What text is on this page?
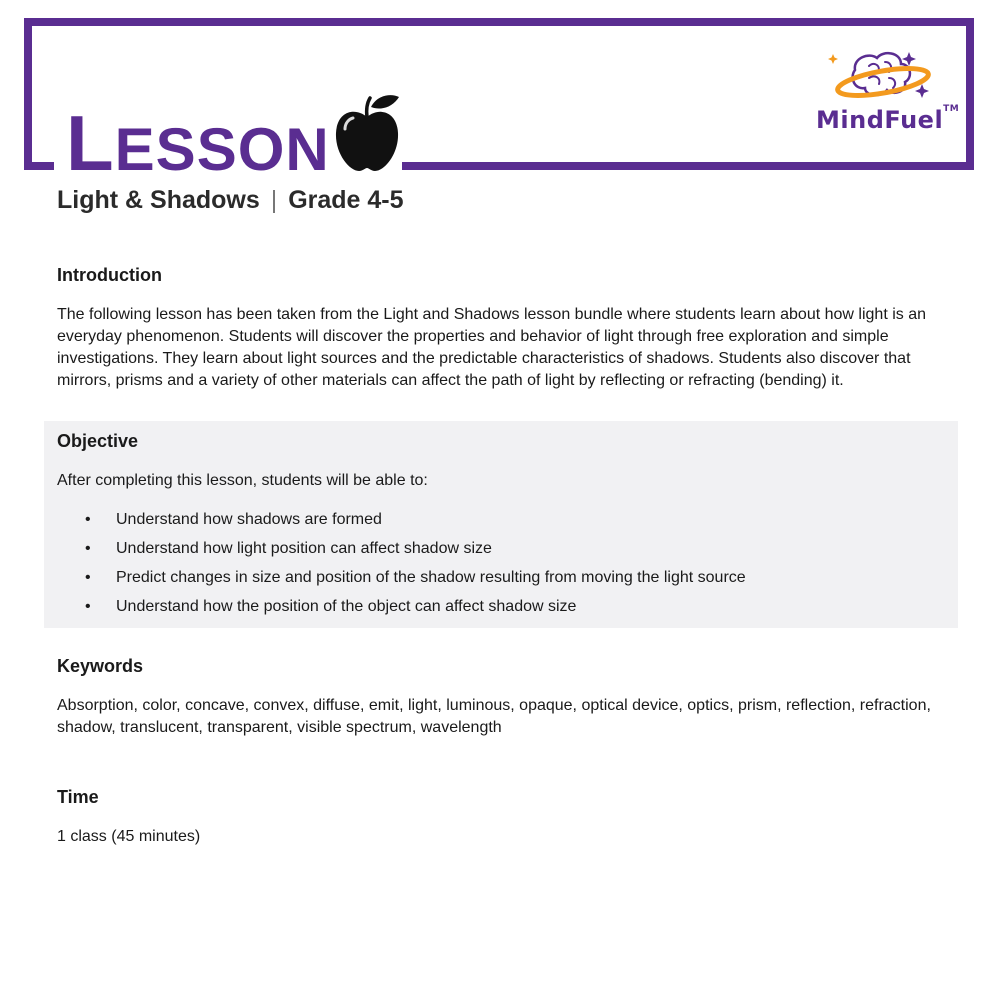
LESSON	MindFuel™
Light & Shadows | Grade 4-5
Introduction
The following lesson has been taken from the Light and Shadows lesson bundle where students learn about how light is an everyday phenomenon. Students will discover the properties and behavior of light through free exploration and simple investigations. They learn about light sources and the predictable characteristics of shadows. Students also discover that mirrors, prisms and a variety of other materials can affect the path of light by reflecting or refracting (bending) it.
Objective
After completing this lesson, students will be able to:
• Understand how shadows are formed
• Understand how light position can affect shadow size
• Predict changes in size and position of the shadow resulting from moving the light source
• Understand how the position of the object can affect shadow size
Keywords
Absorption, color, concave, convex, diffuse, emit, light, luminous, opaque, optical device, optics, prism, reflection, refraction, shadow, translucent, transparent, visible spectrum, wavelength
Time
1 class (45 minutes)
